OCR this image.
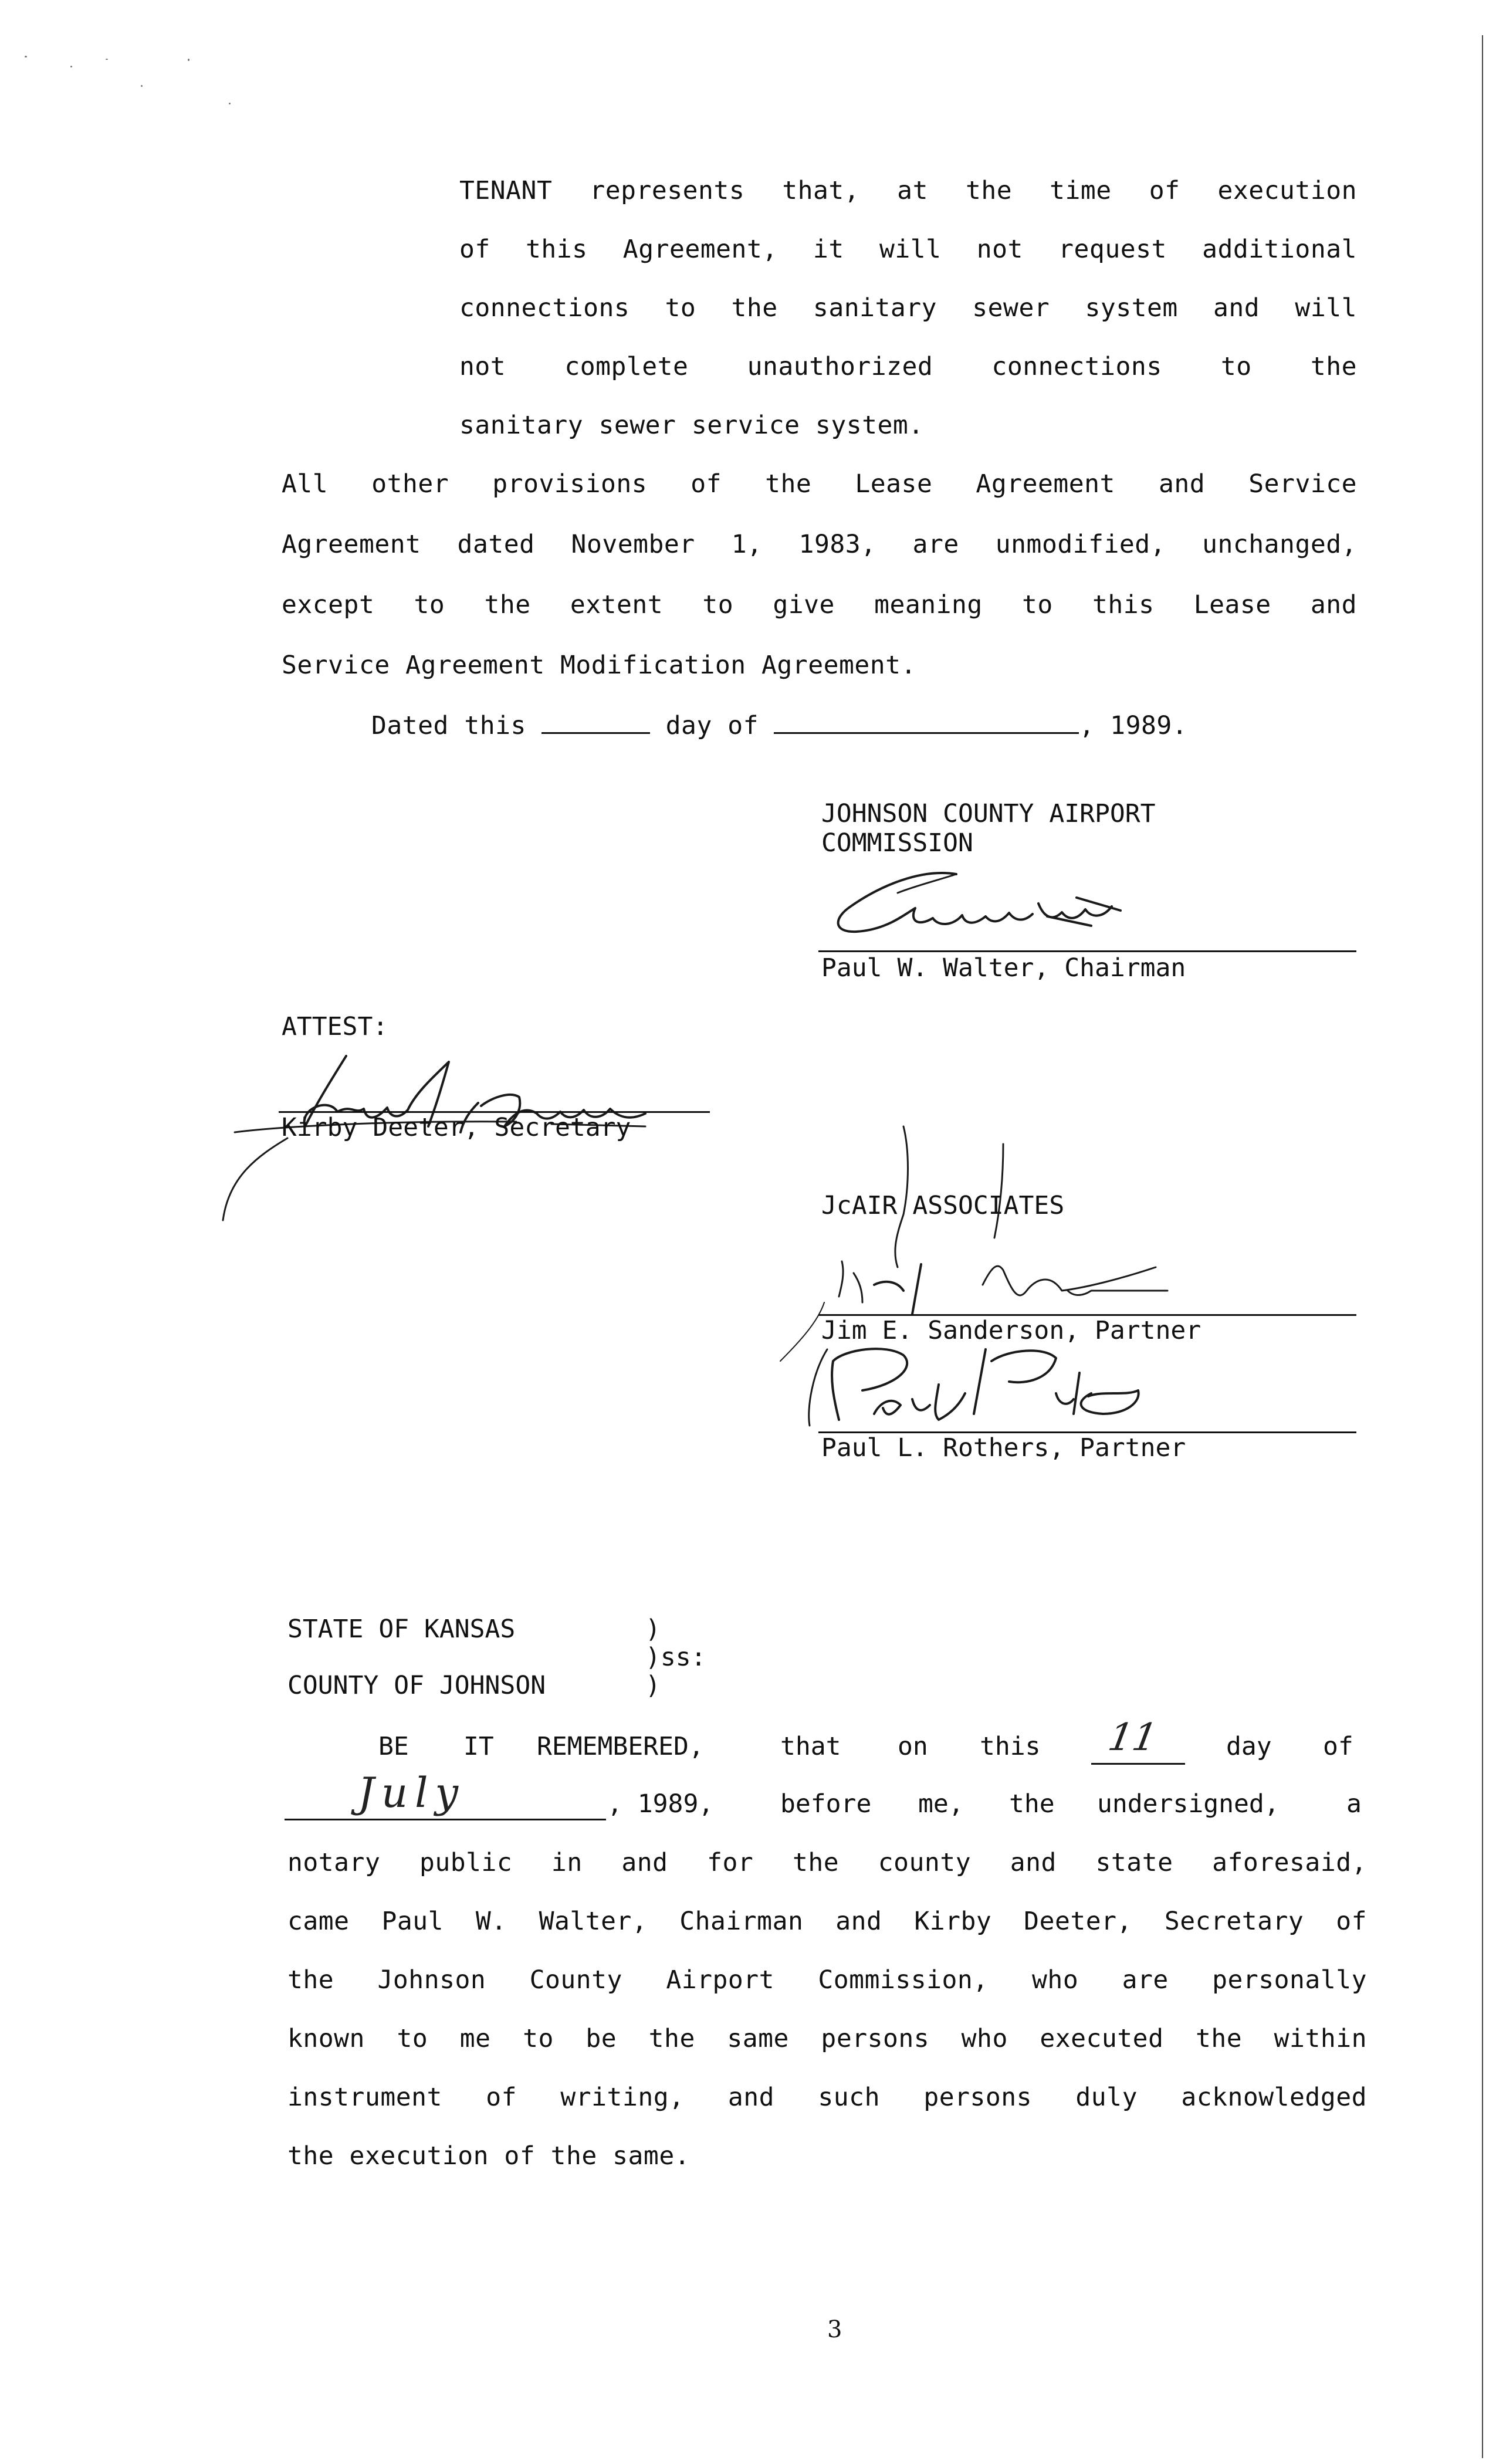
TENANT represents that, at the time of execution
of this Agreement, it will not request additional
connections to the sanitary sewer system and will
not complete unauthorized connections to the
sanitary sewer service system.
All other provisions of the Lease Agreement and Service
Agreement dated November 1, 1983, are unmodified, unchanged,
except to the extent to give meaning to this Lease and
Service Agreement Modification Agreement.
Dated this	day of	, 1989.
JOHNSON COUNTY AIRPORT
COMMISSION
Paul W. Walter, Chairman
ATTEST:
Kirby Deeter, Secretary
JcAIR ASSOCIATES
Jim E. Sanderson, Partner
Paul L. Rothers, Partner
STATE OF KANSAS	)
)ss:
COUNTY OF JOHNSON	)
BE IT REMEMBERED,	that on this 11	day of
July	, 1989,	before me, the undersigned,	a
notary public in and for the county and state aforesaid,
came Paul W. Walter, Chairman and Kirby Deeter, Secretary of
the Johnson County Airport Commission, who are personally
known to me to be the same persons who executed the within
instrument of writing, and such persons duly acknowledged
the execution of the same.
3
